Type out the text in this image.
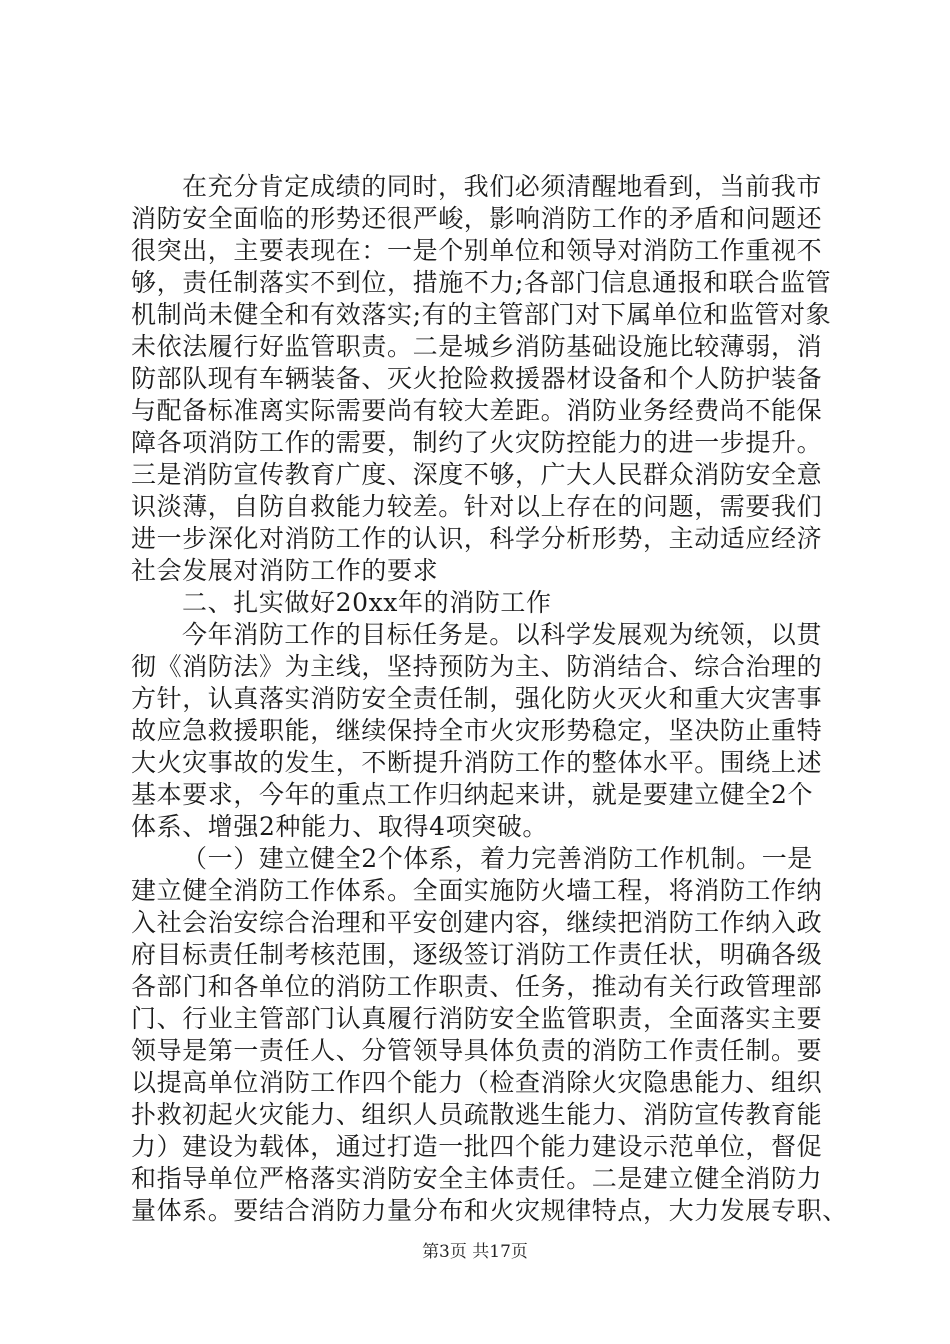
在充分肯定成绩的同时，我们必须清醒地看到，当前我市
消防安全面临的形势还很严峻，影响消防工作的矛盾和问题还
很突出，主要表现在：一是个别单位和领导对消防工作重视不
够，责任制落实不到位，措施不力;各部门信息通报和联合监管
机制尚未健全和有效落实;有的主管部门对下属单位和监管对象
未依法履行好监管职责。二是城乡消防基础设施比较薄弱，消
防部队现有车辆装备、灭火抢险救援器材设备和个人防护装备
与配备标准离实际需要尚有较大差距。消防业务经费尚不能保
障各项消防工作的需要，制约了火灾防控能力的进一步提升。
三是消防宣传教育广度、深度不够，广大人民群众消防安全意
识淡薄，自防自救能力较差。针对以上存在的问题，需要我们
进一步深化对消防工作的认识，科学分析形势，主动适应经济
社会发展对消防工作的要求
二、扎实做好20xx年的消防工作
今年消防工作的目标任务是。以科学发展观为统领，以贯
彻《消防法》为主线，坚持预防为主、防消结合、综合治理的
方针，认真落实消防安全责任制，强化防火灭火和重大灾害事
故应急救援职能，继续保持全市火灾形势稳定，坚决防止重特
大火灾事故的发生，不断提升消防工作的整体水平。围绕上述
基本要求，今年的重点工作归纳起来讲，就是要建立健全2个
体系、增强2种能力、取得4项突破。
（一）建立健全2个体系，着力完善消防工作机制。一是
建立健全消防工作体系。全面实施防火墙工程，将消防工作纳
入社会治安综合治理和平安创建内容，继续把消防工作纳入政
府目标责任制考核范围，逐级签订消防工作责任状，明确各级
各部门和各单位的消防工作职责、任务，推动有关行政管理部
门、行业主管部门认真履行消防安全监管职责，全面落实主要
领导是第一责任人、分管领导具体负责的消防工作责任制。要
以提高单位消防工作四个能力（检查消除火灾隐患能力、组织
扑救初起火灾能力、组织人员疏散逃生能力、消防宣传教育能
力）建设为载体，通过打造一批四个能力建设示范单位，督促
和指导单位严格落实消防安全主体责任。二是建立健全消防力
量体系。要结合消防力量分布和火灾规律特点，大力发展专职、
第3页 共17页
